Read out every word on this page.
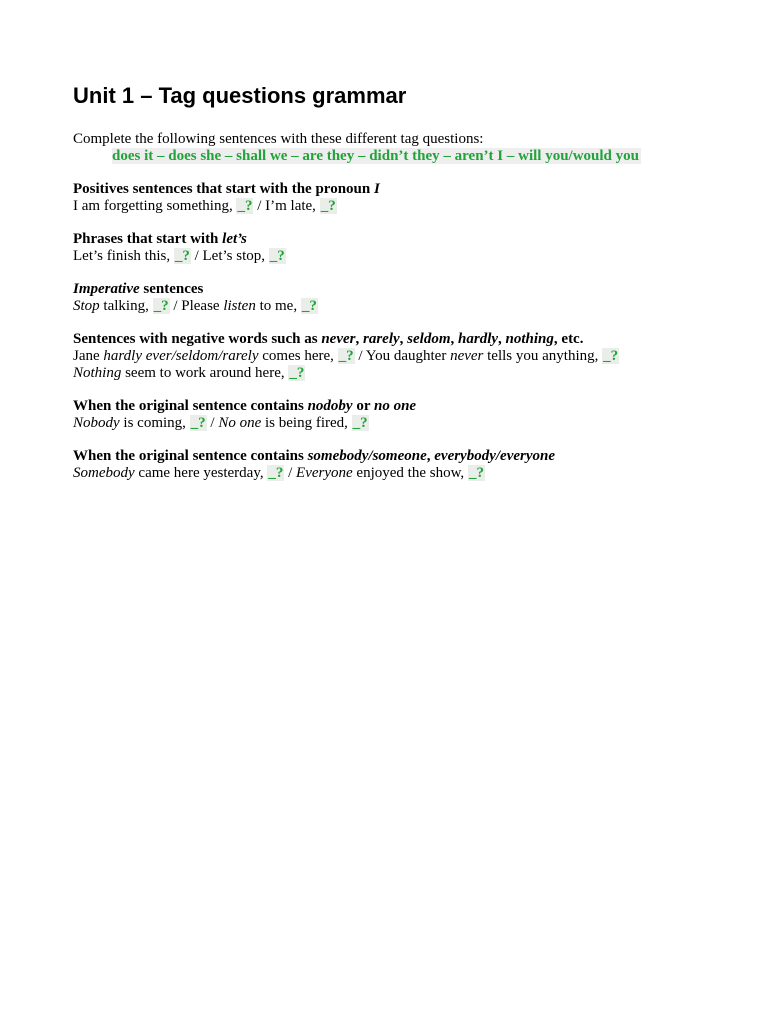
Unit 1 – Tag questions grammar
Complete the following sentences with these different tag questions:
does it – does she – shall we – are they – didn’t they – aren’t I – will you/would you
Positives sentences that start with the pronoun I
I am forgetting something, _? / I’m late, _?
Phrases that start with let’s
Let’s finish this, _? / Let’s stop, _?
Imperative sentences
Stop talking, _? / Please listen to me, _?
Sentences with negative words such as never, rarely, seldom, hardly, nothing, etc.
Jane hardly ever/seldom/rarely comes here, _? / You daughter never tells you anything, _?
Nothing seem to work around here, _?
When the original sentence contains nodoby or no one
Nobody is coming, _? / No one is being fired, _?
When the original sentence contains somebody/someone, everybody/everyone
Somebody came here yesterday, _? / Everyone enjoyed the show, _?
